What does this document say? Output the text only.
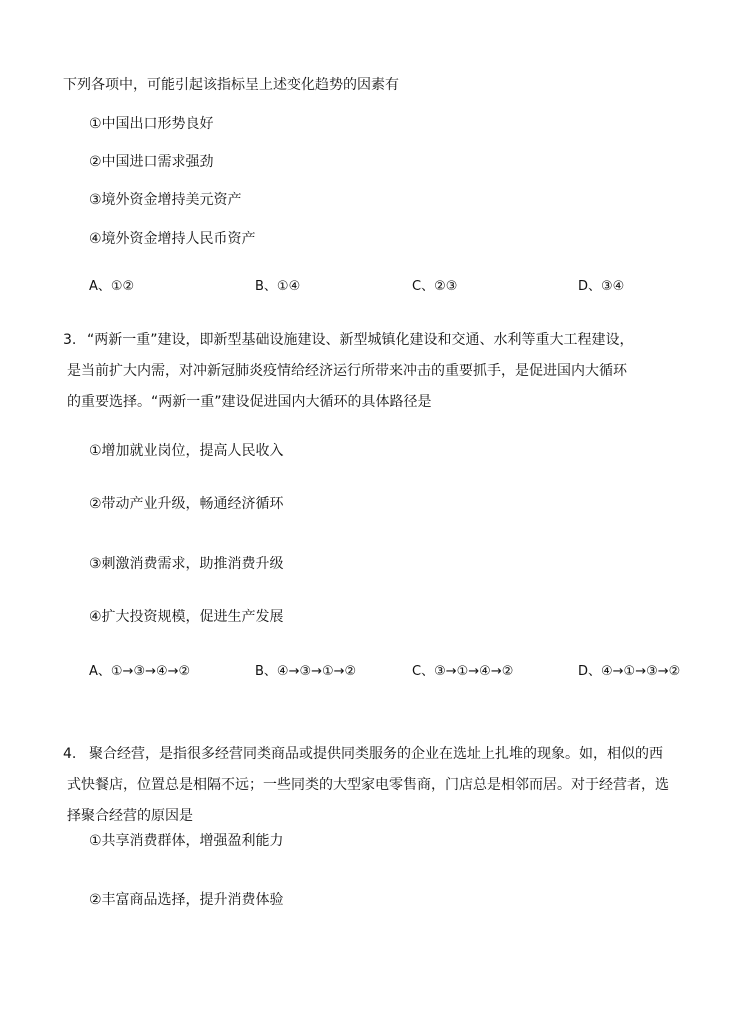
下列各项中，可能引起该指标呈上述变化趋势的因素有
①中国出口形势良好
②中国进口需求强劲
③境外资金增持美元资产
④境外资金增持人民币资产
A、①②	B、①④	C、②③	D、③④
3. “两新一重”建设，即新型基础设施建设、新型城镇化建设和交通、水利等重大工程建设，
是当前扩大内需，对冲新冠肺炎疫情给经济运行所带来冲击的重要抓手，是促进国内大循环
的重要选择。“两新一重”建设促进国内大循环的具体路径是
①增加就业岗位，提高人民收入
②带动产业升级，畅通经济循环
③刺激消费需求，助推消费升级
④扩大投资规模，促进生产发展
A、①→③→④→②	B、④→③→①→②	C、③→①→④→②	D、④→①→③→②
4. 聚合经营，是指很多经营同类商品或提供同类服务的企业在选址上扎堆的现象。如，相似的西
式快餐店，位置总是相隔不远；一些同类的大型家电零售商，门店总是相邻而居。对于经营者，选
择聚合经营的原因是
①共享消费群体，增强盈利能力
②丰富商品选择，提升消费体验
